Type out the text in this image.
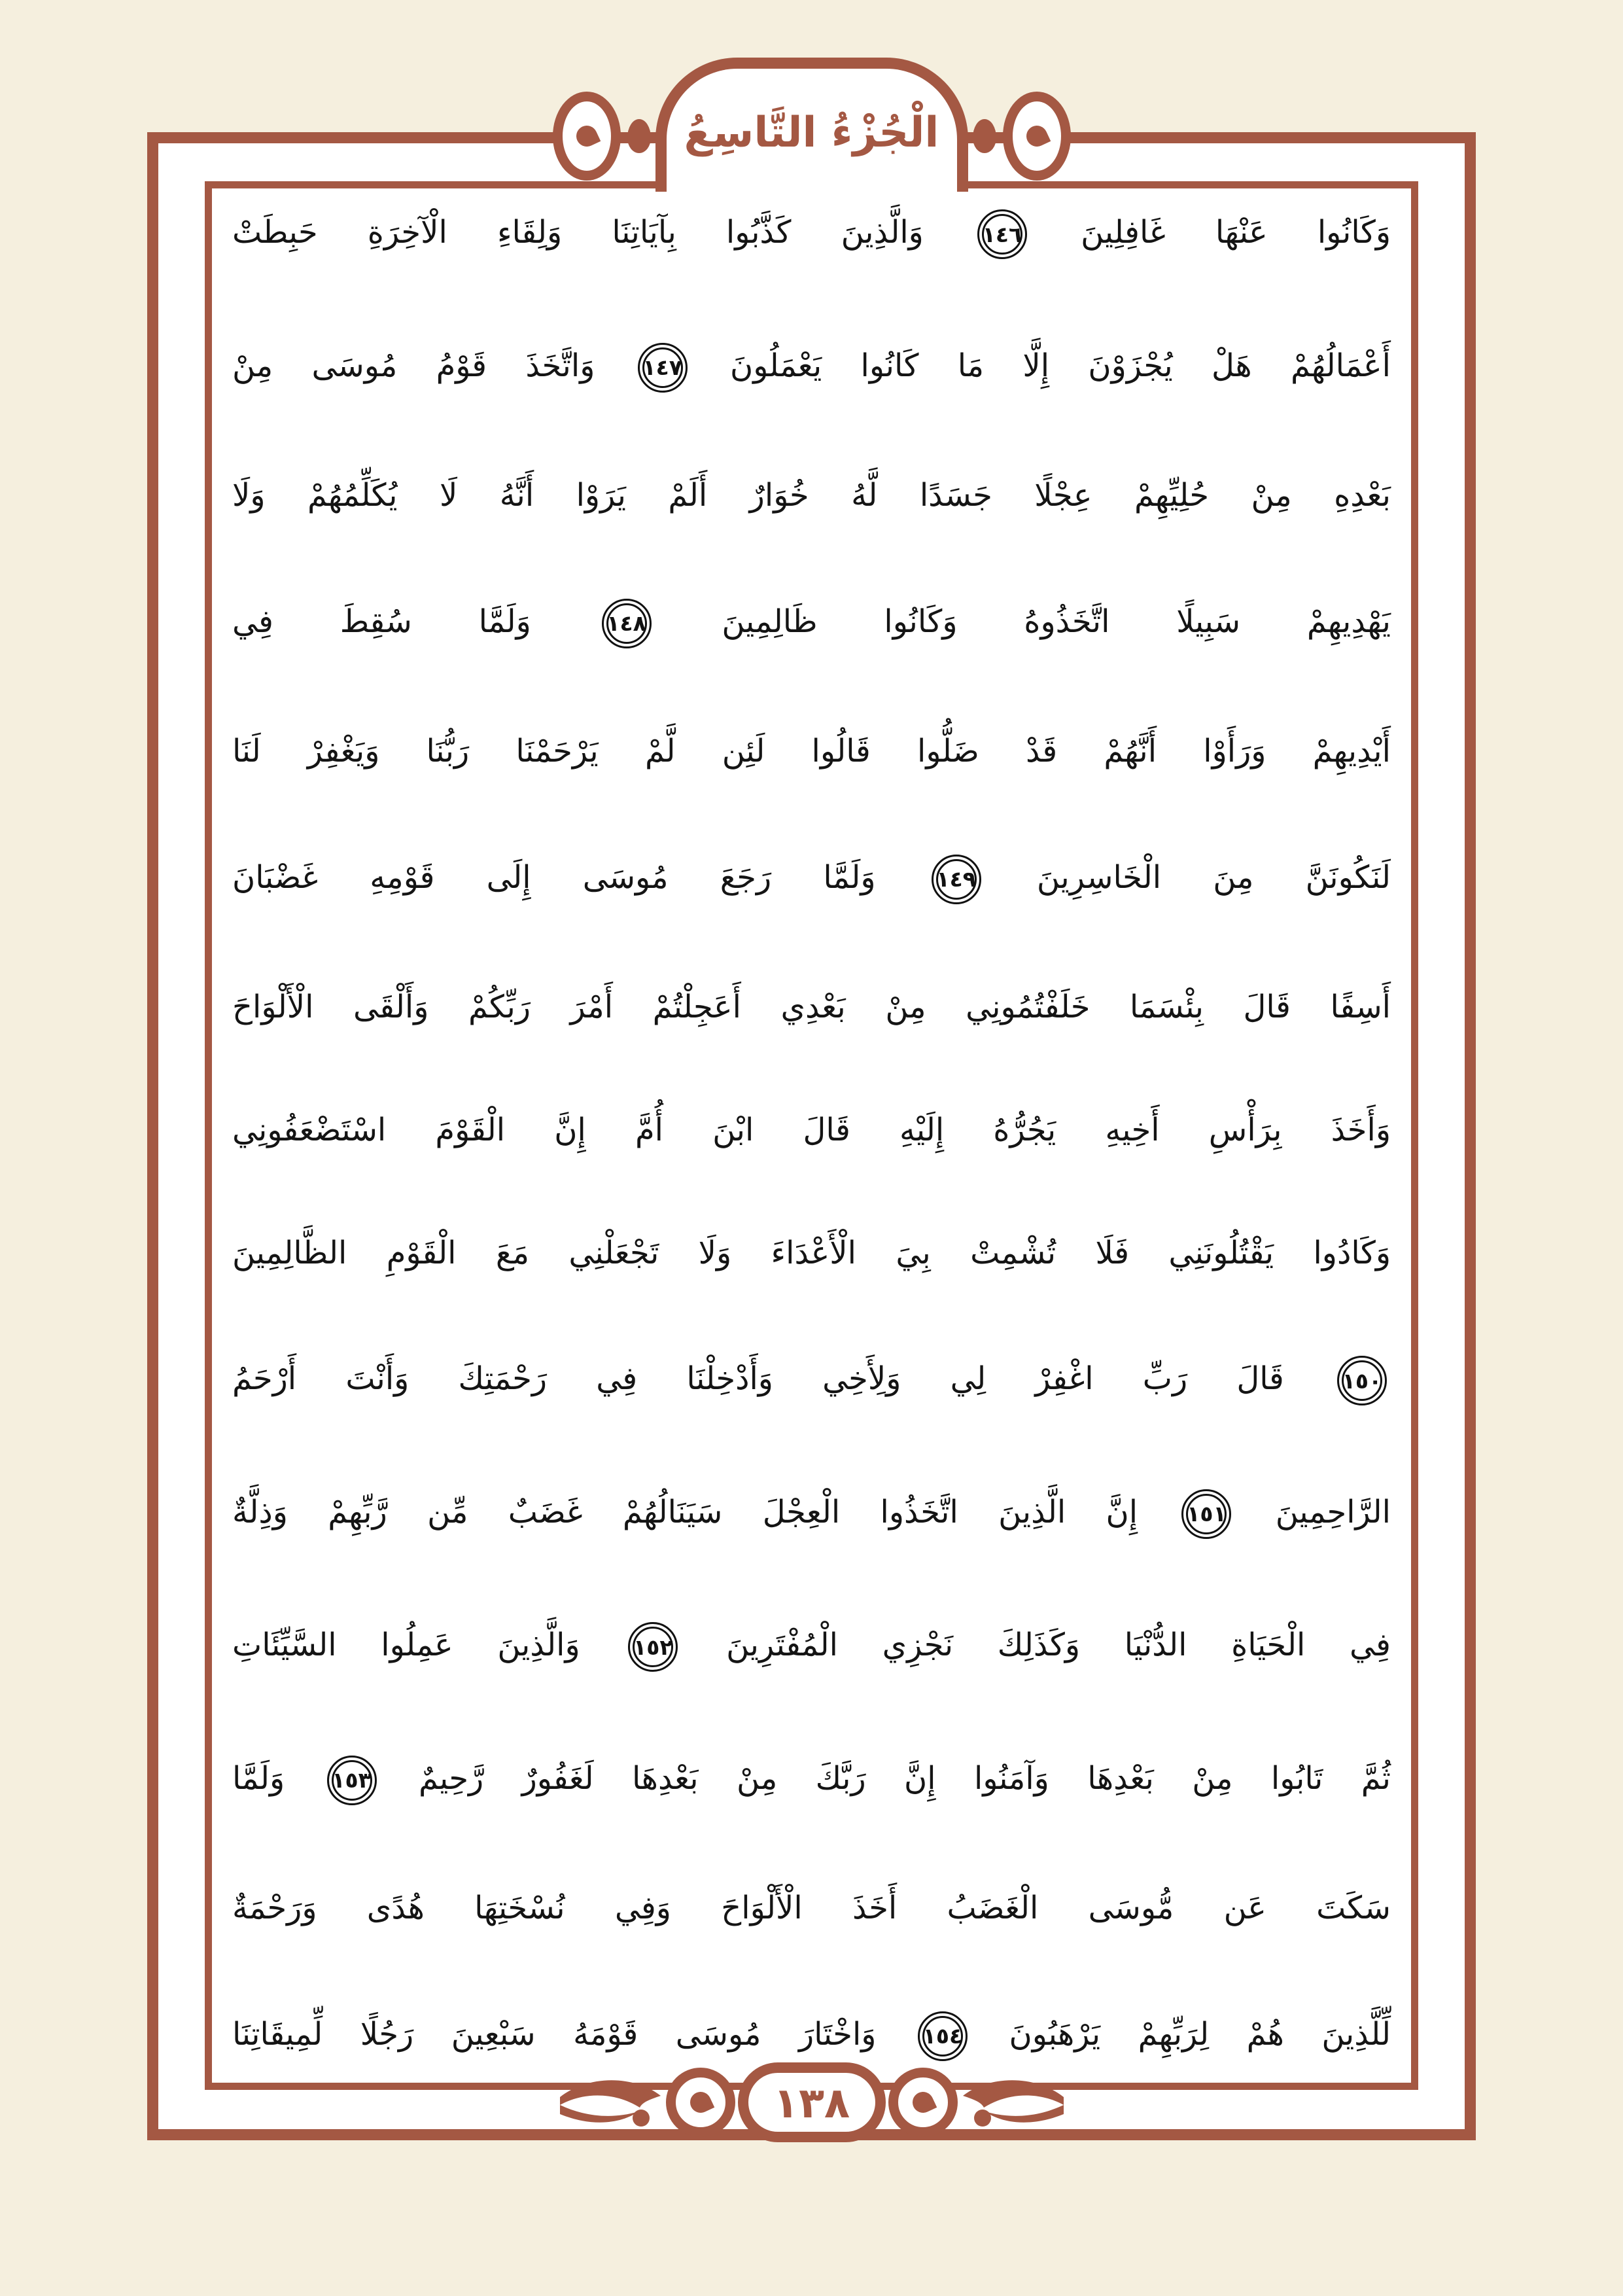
الْجُزْءُ التَّاسِعُ
وَكَانُوا عَنْهَا غَافِلِينَ ١٤٦ وَالَّذِينَ كَذَّبُوا بِآيَاتِنَا وَلِقَاءِ الْآخِرَةِ حَبِطَتْ
أَعْمَالُهُمْ هَلْ يُجْزَوْنَ إِلَّا مَا كَانُوا يَعْمَلُونَ ١٤٧ وَاتَّخَذَ قَوْمُ مُوسَى مِنْ
بَعْدِهِ مِنْ حُلِيِّهِمْ عِجْلًا جَسَدًا لَّهُ خُوَارٌ أَلَمْ يَرَوْا أَنَّهُ لَا يُكَلِّمُهُمْ وَلَا
يَهْدِيهِمْ سَبِيلًا اتَّخَذُوهُ وَكَانُوا ظَالِمِينَ ١٤٨ وَلَمَّا سُقِطَ فِي
أَيْدِيهِمْ وَرَأَوْا أَنَّهُمْ قَدْ ضَلُّوا قَالُوا لَئِن لَّمْ يَرْحَمْنَا رَبُّنَا وَيَغْفِرْ لَنَا
لَنَكُونَنَّ مِنَ الْخَاسِرِينَ ١٤٩ وَلَمَّا رَجَعَ مُوسَى إِلَى قَوْمِهِ غَضْبَانَ
أَسِفًا قَالَ بِئْسَمَا خَلَفْتُمُونِي مِنْ بَعْدِي أَعَجِلْتُمْ أَمْرَ رَبِّكُمْ وَأَلْقَى الْأَلْوَاحَ
وَأَخَذَ بِرَأْسِ أَخِيهِ يَجُرُّهُ إِلَيْهِ قَالَ ابْنَ أُمَّ إِنَّ الْقَوْمَ اسْتَضْعَفُونِي
وَكَادُوا يَقْتُلُونَنِي فَلَا تُشْمِتْ بِيَ الْأَعْدَاءَ وَلَا تَجْعَلْنِي مَعَ الْقَوْمِ الظَّالِمِينَ
١٥٠ قَالَ رَبِّ اغْفِرْ لِي وَلِأَخِي وَأَدْخِلْنَا فِي رَحْمَتِكَ وَأَنْتَ أَرْحَمُ
الرَّاحِمِينَ ١٥١ إِنَّ الَّذِينَ اتَّخَذُوا الْعِجْلَ سَيَنَالُهُمْ غَضَبٌ مِّن رَّبِّهِمْ وَذِلَّةٌ
فِي الْحَيَاةِ الدُّنْيَا وَكَذَلِكَ نَجْزِي الْمُفْتَرِينَ ١٥٢ وَالَّذِينَ عَمِلُوا السَّيِّئَاتِ
ثُمَّ تَابُوا مِنْ بَعْدِهَا وَآمَنُوا إِنَّ رَبَّكَ مِنْ بَعْدِهَا لَغَفُورٌ رَّحِيمٌ ١٥٣ وَلَمَّا
سَكَتَ عَن مُّوسَى الْغَضَبُ أَخَذَ الْأَلْوَاحَ وَفِي نُسْخَتِهَا هُدًى وَرَحْمَةٌ
لِّلَّذِينَ هُمْ لِرَبِّهِمْ يَرْهَبُونَ ١٥٤ وَاخْتَارَ مُوسَى قَوْمَهُ سَبْعِينَ رَجُلًا لِّمِيقَاتِنَا
١٣٨
